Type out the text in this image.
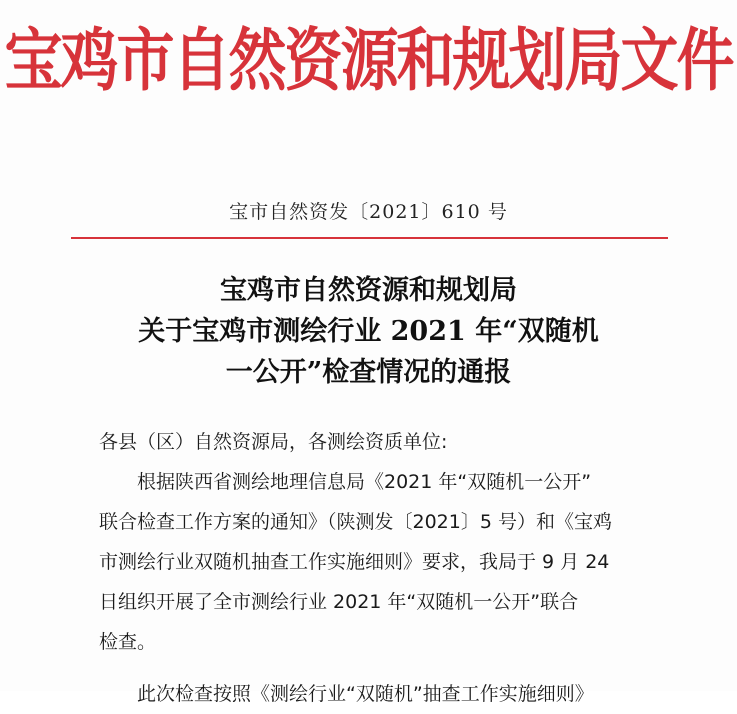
宝鸡市自然资源和规划局文件
宝市自然资发〔2021〕610 号
宝鸡市自然资源和规划局
关于宝鸡市测绘行业 2021 年“双随机
一公开”检查情况的通报

各县（区）自然资源局，各测绘资质单位:

根据陕西省测绘地理信息局《2021 年“双随机一公开”

联合检查工作方案的通知》（陕测发〔2021〕5 号）和《宝鸡

市测绘行业双随机抽查工作实施细则》要求，我局于 9 月 24

日组织开展了全市测绘行业 2021 年“双随机一公开”联合

检查。

此次检查按照《测绘行业“双随机”抽查工作实施细则》
